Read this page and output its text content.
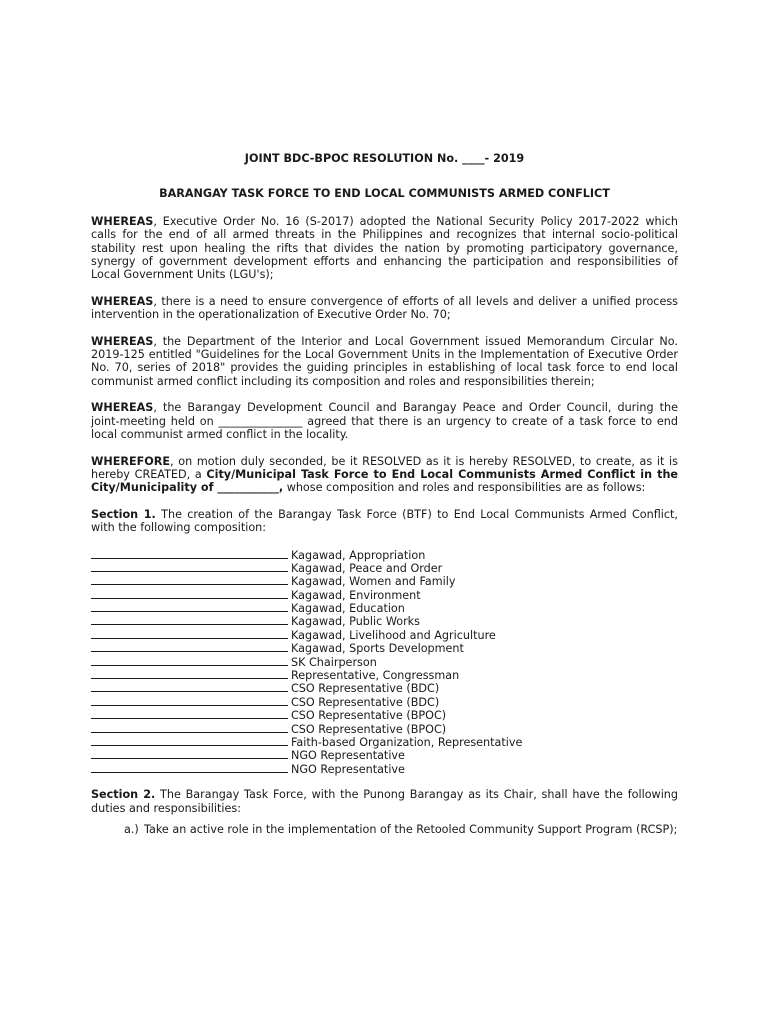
JOINT BDC-BPOC RESOLUTION No. ____- 2019

BARANGAY TASK FORCE TO END LOCAL COMMUNISTS ARMED CONFLICT

WHEREAS, Executive Order No. 16 (S-2017) adopted the National Security Policy 2017-2022 which calls for the end of all armed threats in the Philippines and recognizes that internal socio-political stability rest upon healing the rifts that divides the nation by promoting participatory governance, synergy of government development efforts and enhancing the participation and responsibilities of Local Government Units (LGU's);

WHEREAS, there is a need to ensure convergence of efforts of all levels and deliver a unified process intervention in the operationalization of Executive Order No. 70;

WHEREAS, the Department of the Interior and Local Government issued Memorandum Circular No. 2019-125 entitled "Guidelines for the Local Government Units in the Implementation of Executive Order No. 70, series of 2018" provides the guiding principles in establishing of local task force to end local communist armed conflict including its composition and roles and responsibilities therein;

WHEREAS, the Barangay Development Council and Barangay Peace and Order Council, during the joint-meeting held on _______________ agreed that there is an urgency to create of a task force to end local communist armed conflict in the locality.

WHEREFORE, on motion duly seconded, be it RESOLVED as it is hereby RESOLVED, to create, as it is hereby CREATED, a City/Municipal Task Force to End Local Communists Armed Conflict in the City/Municipality of ___________, whose composition and roles and responsibilities are as follows:

Section 1. The creation of the Barangay Task Force (BTF) to End Local Communists Armed Conflict, with the following composition:

Kagawad, Appropriation
Kagawad, Peace and Order
Kagawad, Women and Family
Kagawad, Environment
Kagawad, Education
Kagawad, Public Works
Kagawad, Livelihood and Agriculture
Kagawad, Sports Development
SK Chairperson
Representative, Congressman
CSO Representative (BDC)
CSO Representative (BDC)
CSO Representative (BPOC)
CSO Representative (BPOC)
Faith-based Organization, Representative
NGO Representative
NGO Representative

Section 2. The Barangay Task Force, with the Punong Barangay as its Chair, shall have the following duties and responsibilities:

a.) Take an active role in the implementation of the Retooled Community Support Program (RCSP);
